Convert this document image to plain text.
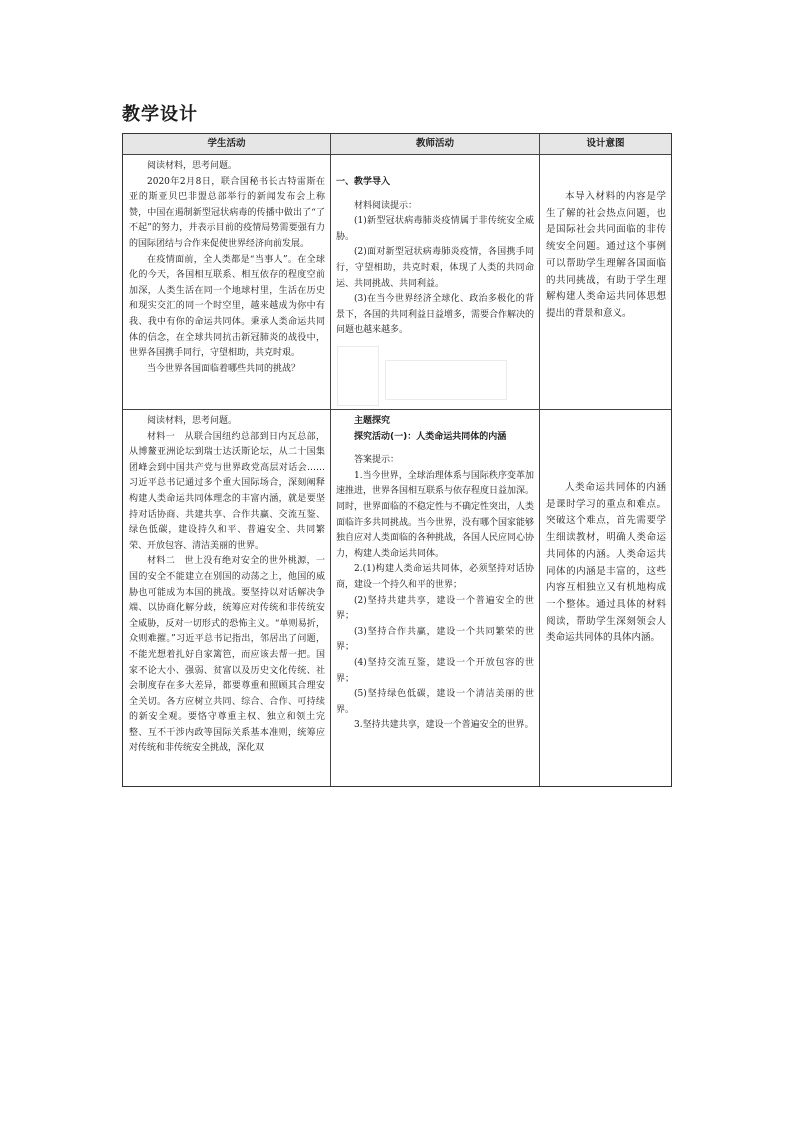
教学设计
学生活动	教师活动	设计意图

阅读材料，思考问题。

2020年2月8日，联合国秘书长古特雷斯在亚的斯亚贝巴非盟总部举行的新闻发布会上称赞，中国在遏制新型冠状病毒的传播中做出了“了不起”的努力，并表示目前的疫情局势需要强有力的国际团结与合作来促使世界经济向前发展。

在疫情面前，全人类都是“当事人”。在全球化的今天，各国相互联系、相互依存的程度空前加深，人类生活在同一个地球村里，生活在历史和现实交汇的同一个时空里，越来越成为你中有我、我中有你的命运共同体。秉承人类命运共同体的信念，在全球共同抗击新冠肺炎的战役中，世界各国携手同行，守望相助，共克时艰。

当今世界各国面临着哪些共同的挑战？

一、教学导入

材料阅读提示：

(1)新型冠状病毒肺炎疫情属于非传统安全威胁。

(2)面对新型冠状病毒肺炎疫情，各国携手同行，守望相助，共克时艰，体现了人类的共同命运、共同挑战、共同利益。

(3)在当今世界经济全球化、政治多极化的背景下，各国的共同利益日益增多，需要合作解决的问题也越来越多。

本导入材料的内容是学生了解的社会热点问题，也是国际社会共同面临的非传统安全问题。通过这个事例可以帮助学生理解各国面临的共同挑战，有助于学生理解构建人类命运共同体思想提出的背景和意义。

阅读材料，思考问题。

材料一　从联合国纽约总部到日内瓦总部，从博鳌亚洲论坛到瑞士达沃斯论坛，从二十国集团峰会到中国共产党与世界政党高层对话会……习近平总书记通过多个重大国际场合，深刻阐释构建人类命运共同体理念的丰富内涵，就是要坚持对话协商、共建共享、合作共赢、交流互鉴、绿色低碳，建设持久和平、普遍安全、共同繁荣、开放包容、清洁美丽的世界。

材料二　世上没有绝对安全的世外桃源，一国的安全不能建立在别国的动荡之上，他国的威胁也可能成为本国的挑战。要坚持以对话解决争端、以协商化解分歧，统筹应对传统和非传统安全威胁，反对一切形式的恐怖主义。“单则易折，众则难摧。”习近平总书记指出，邻居出了问题，不能光想着扎好自家篱笆，而应该去帮一把。国家不论大小、强弱、贫富以及历史文化传统、社会制度存在多大差异，都要尊重和照顾其合理安全关切。各方应树立共同、综合、合作、可持续的新安全观。要恪守尊重主权、独立和领土完整、互不干涉内政等国际关系基本准则，统筹应对传统和非传统安全挑战，深化双

主题探究

探究活动(一)：人类命运共同体的内涵

答案提示：

1.当今世界，全球治理体系与国际秩序变革加速推进，世界各国相互联系与依存程度日益加深。同时，世界面临的不稳定性与不确定性突出，人类面临许多共同挑战。当今世界，没有哪个国家能够独自应对人类面临的各种挑战，各国人民应同心协力，构建人类命运共同体。

2.(1)构建人类命运共同体，必须坚持对话协商，建设一个持久和平的世界；

(2)坚持共建共享，建设一个普遍安全的世界；

(3)坚持合作共赢，建设一个共同繁荣的世界；

(4)坚持交流互鉴，建设一个开放包容的世界；

(5)坚持绿色低碳，建设一个清洁美丽的世界。

3.坚持共建共享，建设一个普遍安全的世界。

人类命运共同体的内涵是课时学习的重点和难点。突破这个难点，首先需要学生细读教材，明确人类命运共同体的内涵。人类命运共同体的内涵是丰富的，这些内容互相独立又有机地构成一个整体。通过具体的材料阅读，帮助学生深刻领会人类命运共同体的具体内涵。
